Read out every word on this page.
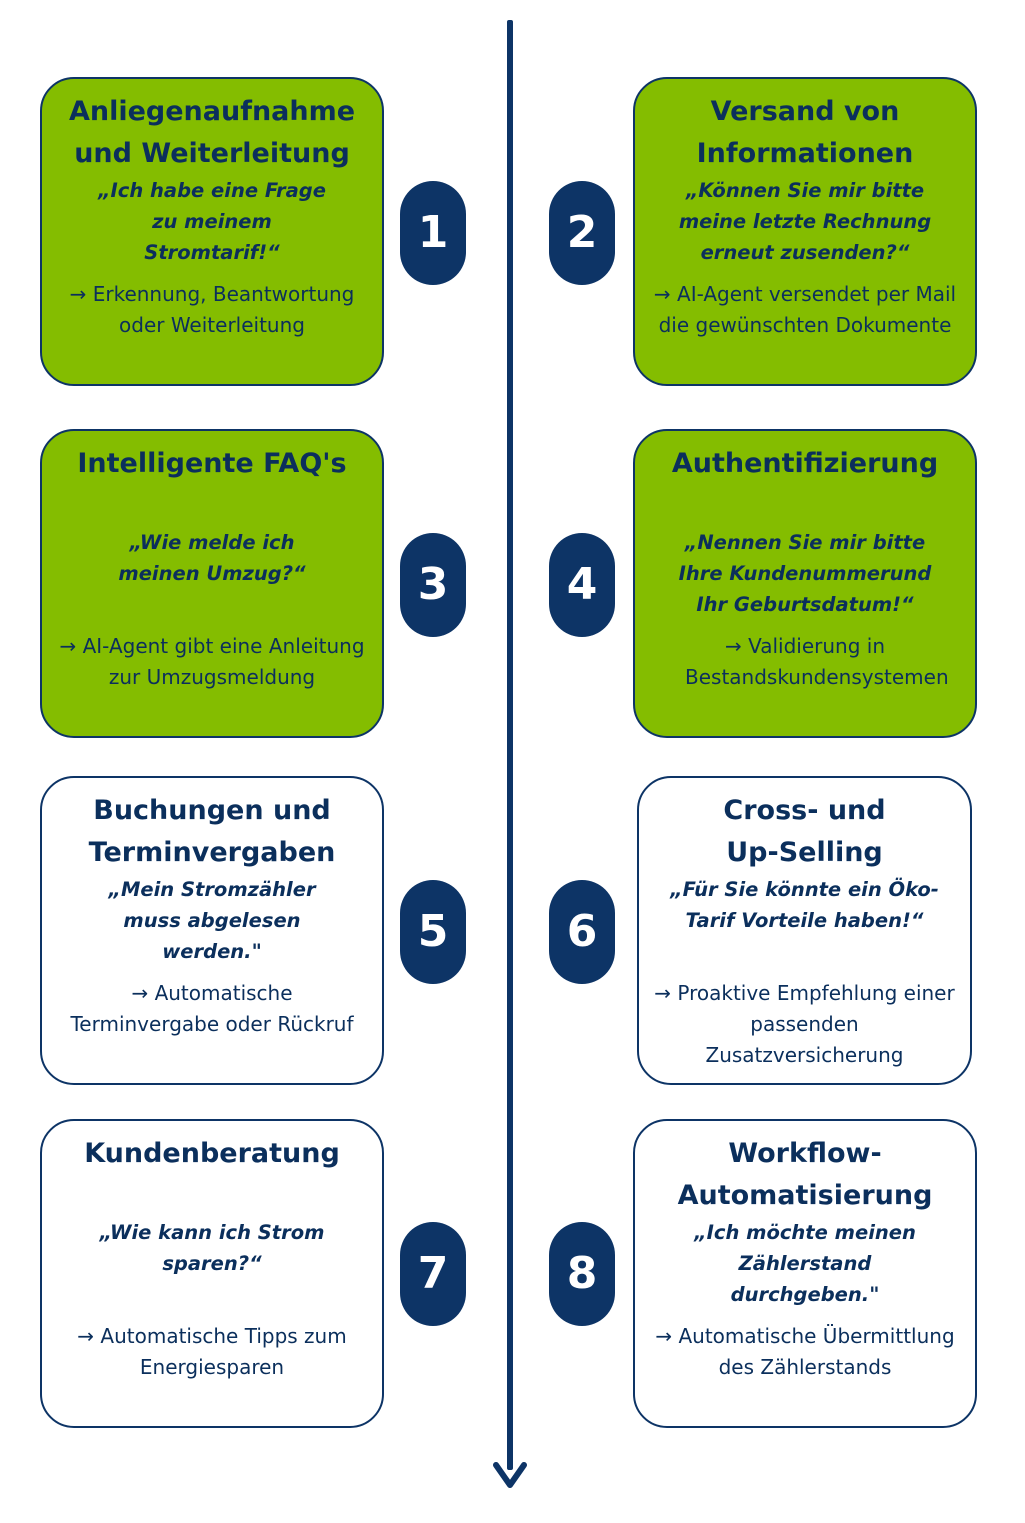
Anliegenaufnahme und Weiterleitung
„Ich habe eine Frage zu meinem Stromtarif!“
→ Erkennung, Beantwortung oder Weiterleitung
1
Versand von Informationen
„Können Sie mir bitte meine letzte Rechnung erneut zusenden?“
→ AI-Agent versendet per Mail die gewünschten Dokumente
2
Intelligente FAQ's
„Wie melde ich meinen Umzug?“
→ AI-Agent gibt eine Anleitung zur Umzugsmeldung
3
Authentifizierung
„Nennen Sie mir bitte Ihre Kundenummerund Ihr Geburtsdatum!“
→ Validierung in Bestandskundensystemen
4
Buchungen und Terminvergaben
„Mein Stromzähler muss abgelesen werden."
→ Automatische Terminvergabe oder Rückruf
5
Cross- und Up-Selling
„Für Sie könnte ein Öko-Tarif Vorteile haben!“
→ Proaktive Empfehlung einer passenden Zusatzversicherung
6
Kundenberatung
„Wie kann ich Strom sparen?“
→ Automatische Tipps zum Energiesparen
7
Workflow-Automatisierung
„Ich möchte meinen Zählerstand durchgeben."
→ Automatische Übermittlung des Zählerstands
8
